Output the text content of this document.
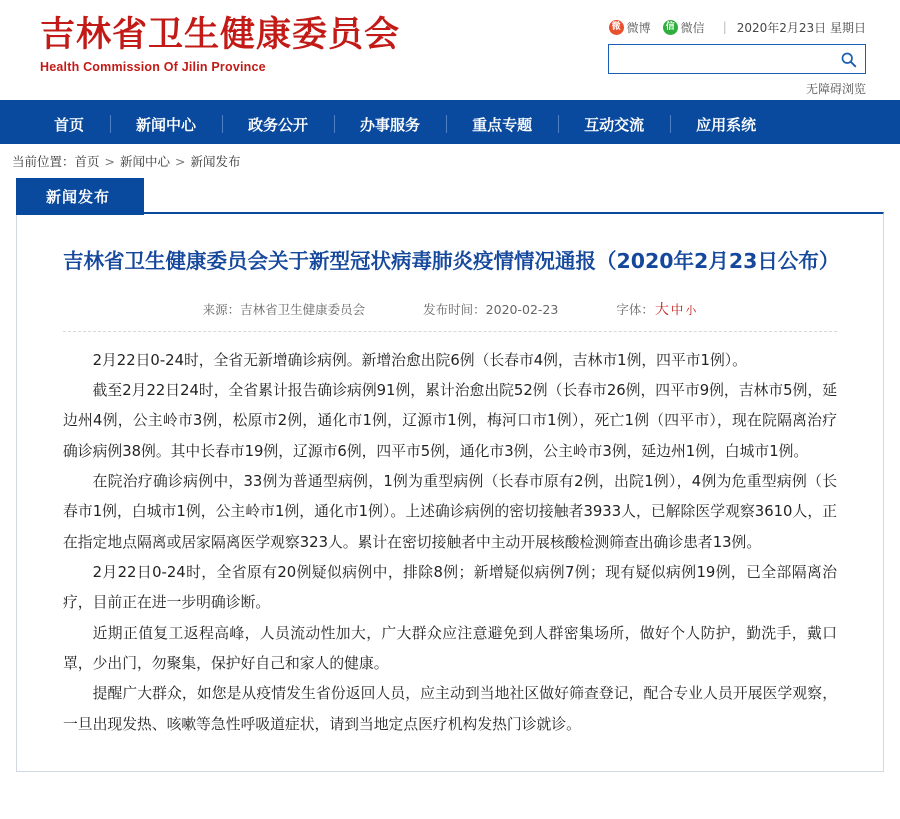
吉林省卫生健康委员会
Health Commission Of Jilin Province
微 微博	信 微信 | 2020年2月23日 星期日
无障碍浏览
首页	新闻中心	政务公开	办事服务	重点专题	互动交流	应用系统
当前位置： 首页 > 新闻中心 > 新闻发布
新闻发布
吉林省卫生健康委员会关于新型冠状病毒肺炎疫情情况通报（2020年2月23日公布）
来源：吉林省卫生健康委员会	发布时间：2020-02-23	字体：大 中 小

2月22日0-24时，全省无新增确诊病例。新增治愈出院6例（长春市4例，吉林市1例，四平市1例）。

截至2月22日24时，全省累计报告确诊病例91例，累计治愈出院52例（长春市26例，四平市9例，吉林市5例，延边州4例，公主岭市3例，松原市2例，通化市1例，辽源市1例，梅河口市1例），死亡1例（四平市），现在院隔离治疗确诊病例38例。其中长春市19例，辽源市6例，四平市5例，通化市3例，公主岭市3例，延边州1例，白城市1例。

在院治疗确诊病例中，33例为普通型病例，1例为重型病例（长春市原有2例，出院1例），4例为危重型病例（长春市1例，白城市1例，公主岭市1例，通化市1例）。上述确诊病例的密切接触者3933人，已解除医学观察3610人，正在指定地点隔离或居家隔离医学观察323人。累计在密切接触者中主动开展核酸检测筛查出确诊患者13例。

2月22日0-24时，全省原有20例疑似病例中，排除8例；新增疑似病例7例；现有疑似病例19例，已全部隔离治疗，目前正在进一步明确诊断。

近期正值复工返程高峰，人员流动性加大，广大群众应注意避免到人群密集场所，做好个人防护，勤洗手，戴口罩，少出门，勿聚集，保护好自己和家人的健康。

提醒广大群众，如您是从疫情发生省份返回人员，应主动到当地社区做好筛查登记，配合专业人员开展医学观察，一旦出现发热、咳嗽等急性呼吸道症状，请到当地定点医疗机构发热门诊就诊。
